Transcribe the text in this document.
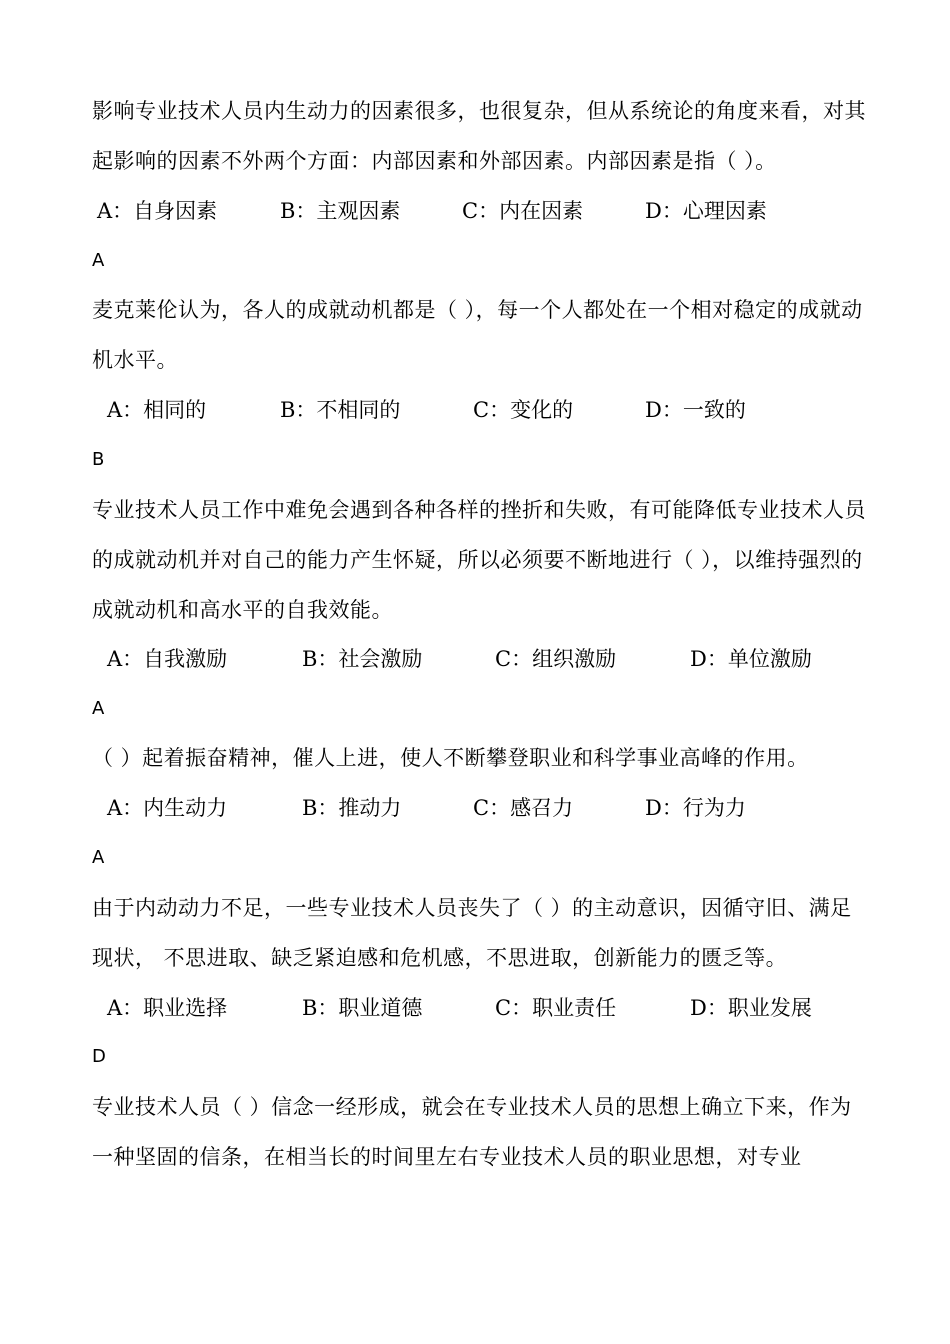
影响专业技术人员内生动力的因素很多，也很复杂，但从系统论的角度来看，对其起影响的因素不外两个方面：内部因素和外部因素。内部因素是指（ ）。

A：自身因素	B：主观因素	C：内在因素	D：心理因素
A

麦克莱伦认为，各人的成就动机都是（ ），每一个人都处在一个相对稳定的成就动机水平。

A：相同的	B：不相同的	C：变化的	D：一致的
B

专业技术人员工作中难免会遇到各种各样的挫折和失败，有可能降低专业技术人员的成就动机并对自己的能力产生怀疑，所以必须要不断地进行（ ），以维持强烈的成就动机和高水平的自我效能。

A：自我激励	B：社会激励	C：组织激励	D：单位激励
A

（ ）起着振奋精神，催人上进，使人不断攀登职业和科学事业高峰的作用。

A：内生动力	B：推动力	C：感召力	D：行为力
A

由于内动动力不足，一些专业技术人员丧失了（ ）的主动意识，因循守旧、满足现状， 不思进取、缺乏紧迫感和危机感，不思进取，创新能力的匮乏等。

A：职业选择	B：职业道德	C：职业责任	D：职业发展
D

专业技术人员（ ）信念一经形成，就会在专业技术人员的思想上确立下来，作为一种坚固的信条，在相当长的时间里左右专业技术人员的职业思想，对专业
